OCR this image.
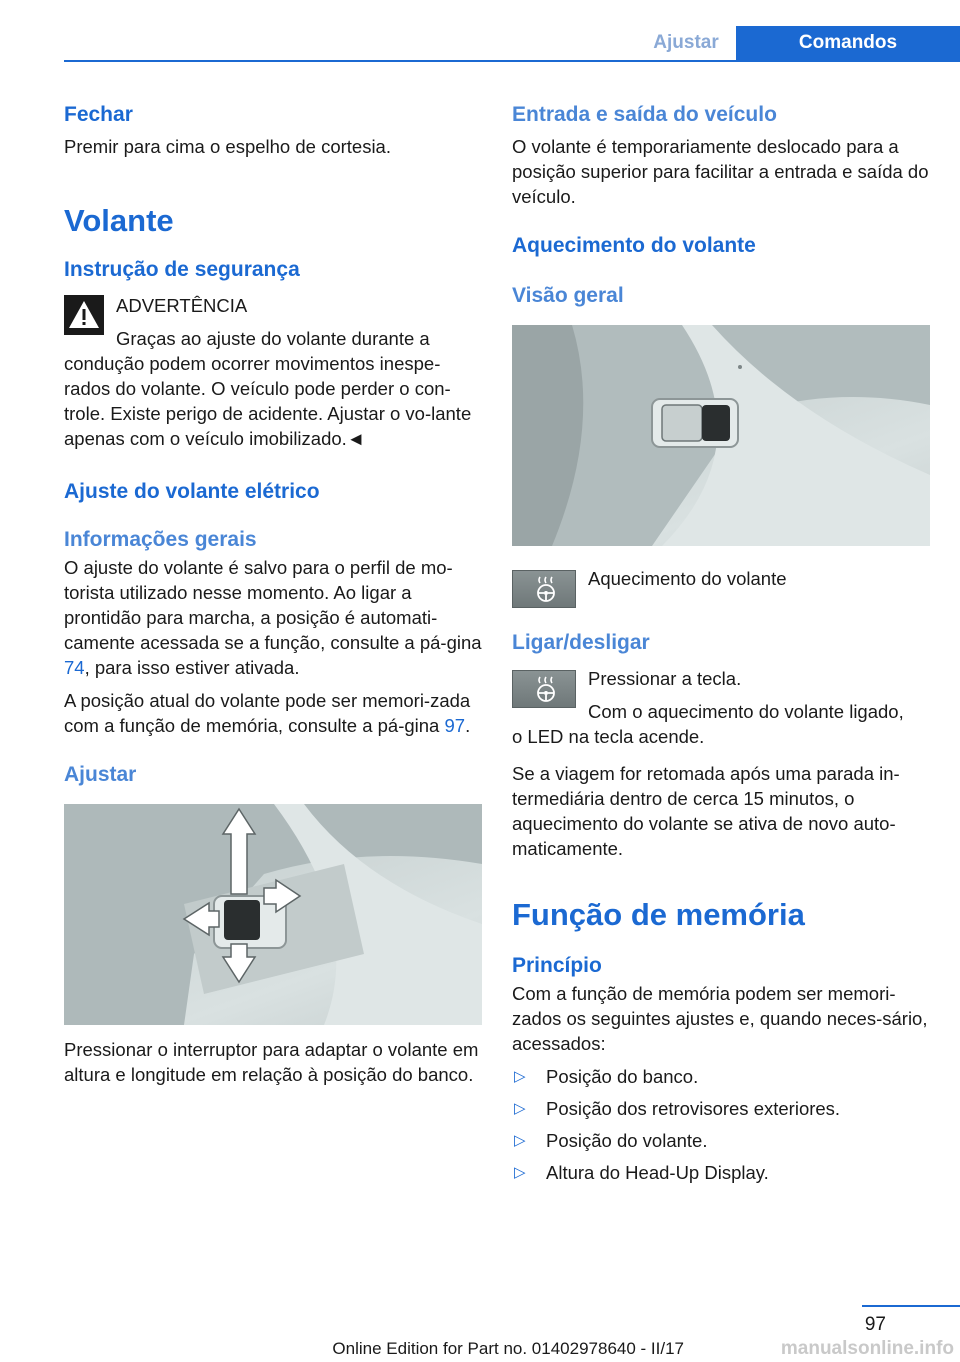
Ajustar	Comandos
Fechar
Premir para cima o espelho de cortesia.
Volante
Instrução de segurança
ADVERTÊNCIA
Graças ao ajuste do volante durante a
condução podem ocorrer movimentos inespe-rados do volante. O veículo pode perder o con-trole. Existe perigo de acidente. Ajustar o vo-lante apenas com o veículo imobilizado.◄
Ajuste do volante elétrico
Informações gerais
O ajuste do volante é salvo para o perfil de mo-torista utilizado nesse momento. Ao ligar a prontidão para marcha, a posição é automati-camente acessada se a função, consulte a pá-gina 74, para isso estiver ativada.
A posição atual do volante pode ser memori-zada com a função de memória, consulte a pá-gina 97.
Ajustar
Pressionar o interruptor para adaptar o volante em altura e longitude em relação à posição do banco.
Entrada e saída do veículo
O volante é temporariamente deslocado para a posição superior para facilitar a entrada e saída do veículo.
Aquecimento do volante
Visão geral
Aquecimento do volante
Ligar/desligar
Pressionar a tecla.
Com o aquecimento do volante ligado,
o LED na tecla acende.
Se a viagem for retomada após uma parada in-termediária dentro de cerca 15 minutos, o aquecimento do volante se ativa de novo auto-maticamente.
Função de memória
Princípio
Com a função de memória podem ser memori-zados os seguintes ajustes e, quando neces-sário, acessados:
▷ Posição do banco.
▷ Posição dos retrovisores exteriores.
▷ Posição do volante.
▷ Altura do Head-Up Display.
97
Online Edition for Part no. 01402978640 - II/17	manualsonline.info
